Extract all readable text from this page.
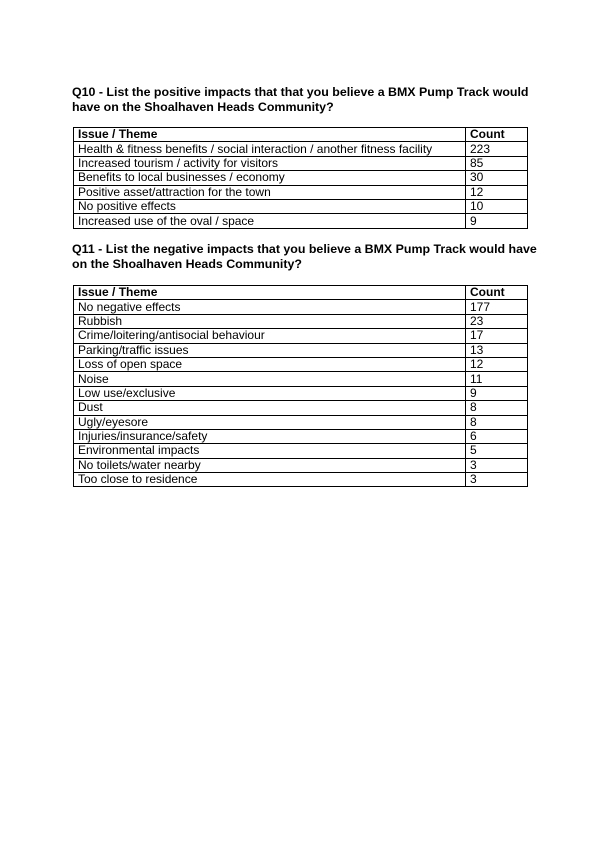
Q10 - List the positive impacts that that you believe a BMX Pump Track would have on the Shoalhaven Heads Community?

Issue / Theme	Count
Health & fitness benefits / social interaction / another fitness facility	223
Increased tourism / activity for visitors	85
Benefits to local businesses / economy	30
Positive asset/attraction for the town	12
No positive effects	10
Increased use of the oval / space	9

Q11 - List the negative impacts that you believe a BMX Pump Track would have on the Shoalhaven Heads Community?

Issue / Theme	Count
No negative effects	177
Rubbish	23
Crime/loitering/antisocial behaviour	17
Parking/traffic issues	13
Loss of open space	12
Noise	11
Low use/exclusive	9
Dust	8
Ugly/eyesore	8
Injuries/insurance/safety	6
Environmental impacts	5
No toilets/water nearby	3
Too close to residence	3
